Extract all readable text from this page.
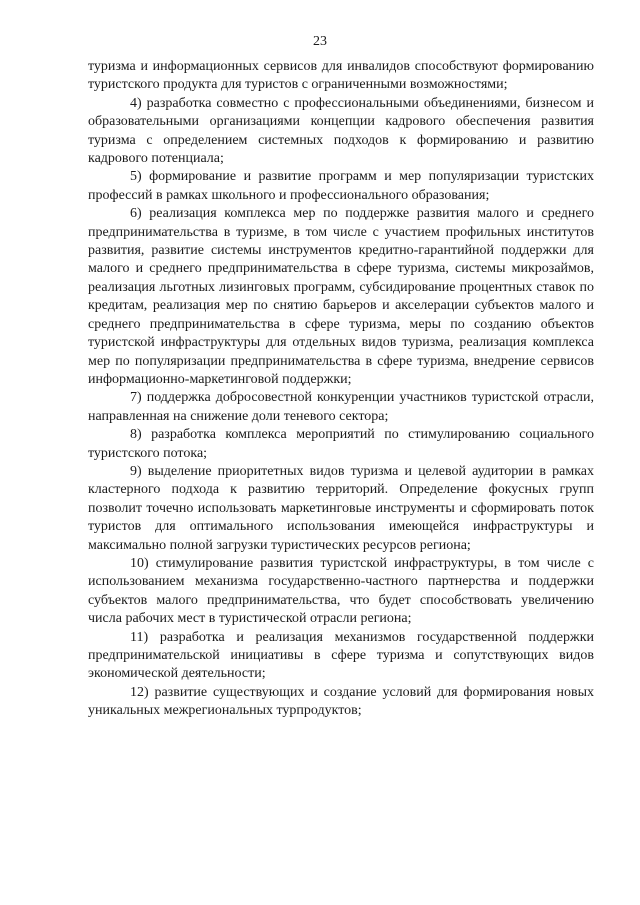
23

туризма и информационных сервисов для инвалидов способствуют формированию туристского продукта для туристов с ограниченными возможностями;

4) разработка совместно с профессиональными объединениями, бизнесом и образовательными организациями концепции кадрового обеспечения развития туризма с определением системных подходов к формированию и развитию кадрового потенциала;

5) формирование и развитие программ и мер популяризации туристских профессий в рамках школьного и профессионального образования;

6) реализация комплекса мер по поддержке развития малого и среднего предпринимательства в туризме, в том числе с участием профильных институтов развития, развитие системы инструментов кредитно-гарантийной поддержки для малого и среднего предпринимательства в сфере туризма, системы микрозаймов, реализация льготных лизинговых программ, субсидирование процентных ставок по кредитам, реализация мер по снятию барьеров и акселерации субъектов малого и среднего предпринимательства в сфере туризма, меры по созданию объектов туристской инфраструктуры для отдельных видов туризма, реализация комплекса мер по популяризации предпринимательства в сфере туризма, внедрение сервисов информационно-маркетинговой поддержки;

7) поддержка добросовестной конкуренции участников туристской отрасли, направленная на снижение доли теневого сектора;

8) разработка комплекса мероприятий по стимулированию социального туристского потока;

9) выделение приоритетных видов туризма и целевой аудитории в рамках кластерного подхода к развитию территорий. Определение фокусных групп позволит точечно использовать маркетинговые инструменты и сформировать поток туристов для оптимального использования имеющейся инфраструктуры и максимально полной загрузки туристических ресурсов региона;

10) стимулирование развития туристской инфраструктуры, в том числе с использованием механизма государственно-частного партнерства и поддержки субъектов малого предпринимательства, что будет способствовать увеличению числа рабочих мест в туристической отрасли региона;

11) разработка и реализация механизмов государственной поддержки предпринимательской инициативы в сфере туризма и сопутствующих видов экономической деятельности;

12) развитие существующих и создание условий для формирования новых уникальных межрегиональных турпродуктов;
